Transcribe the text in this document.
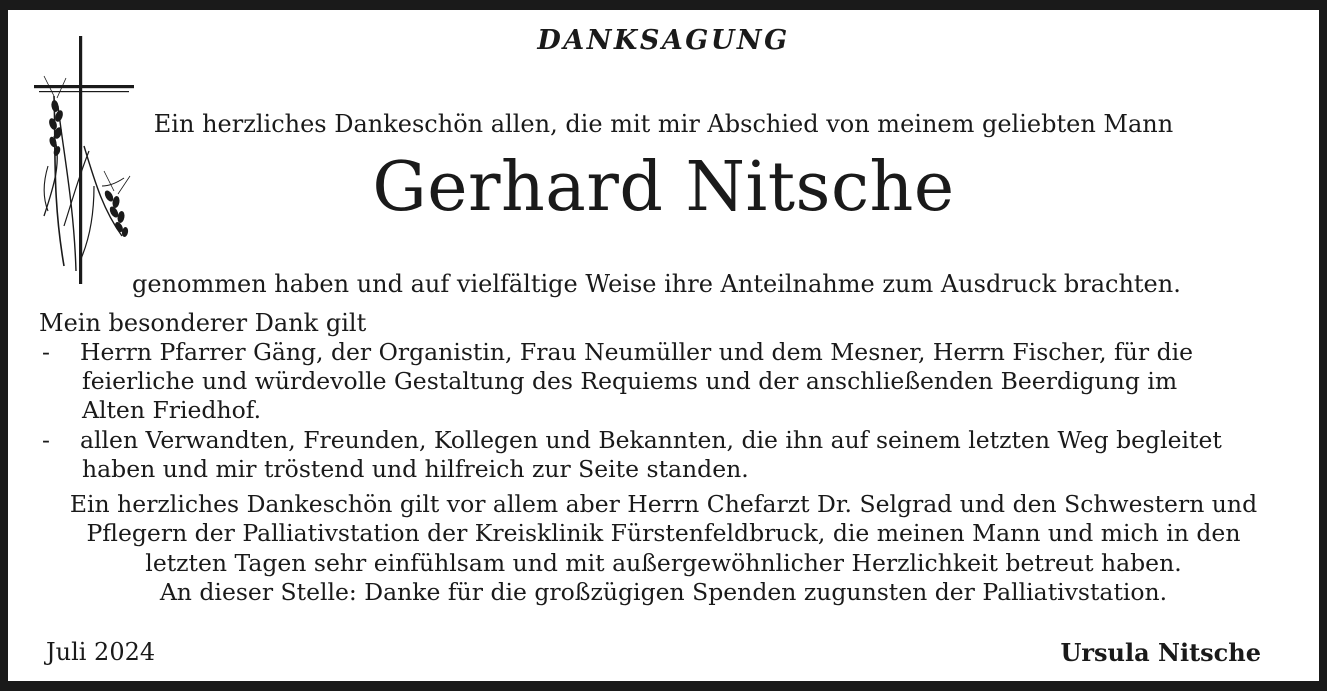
DANKSAGUNG
Ein herzliches Dankeschön allen, die mit mir Abschied von meinem geliebten Mann
Gerhard Nitsche
genommen haben und auf vielfältige Weise ihre Anteilnahme zum Ausdruck brachten.
Mein besonderer Dank gilt
- Herrn Pfarrer Gäng, der Organistin, Frau Neumüller und dem Mesner, Herrn Fischer, für die
feierliche und würdevolle Gestaltung des Requiems und der anschließenden Beerdigung im
Alten Friedhof.
- allen Verwandten, Freunden, Kollegen und Bekannten, die ihn auf seinem letzten Weg begleitet
haben und mir tröstend und hilfreich zur Seite standen.
Ein herzliches Dankeschön gilt vor allem aber Herrn Chefarzt Dr. Selgrad und den Schwestern und
Pflegern der Palliativstation der Kreisklinik Fürstenfeldbruck, die meinen Mann und mich in den
letzten Tagen sehr einfühlsam und mit außergewöhnlicher Herzlichkeit betreut haben.
An dieser Stelle: Danke für die großzügigen Spenden zugunsten der Palliativstation.
Juli 2024	Ursula Nitsche
